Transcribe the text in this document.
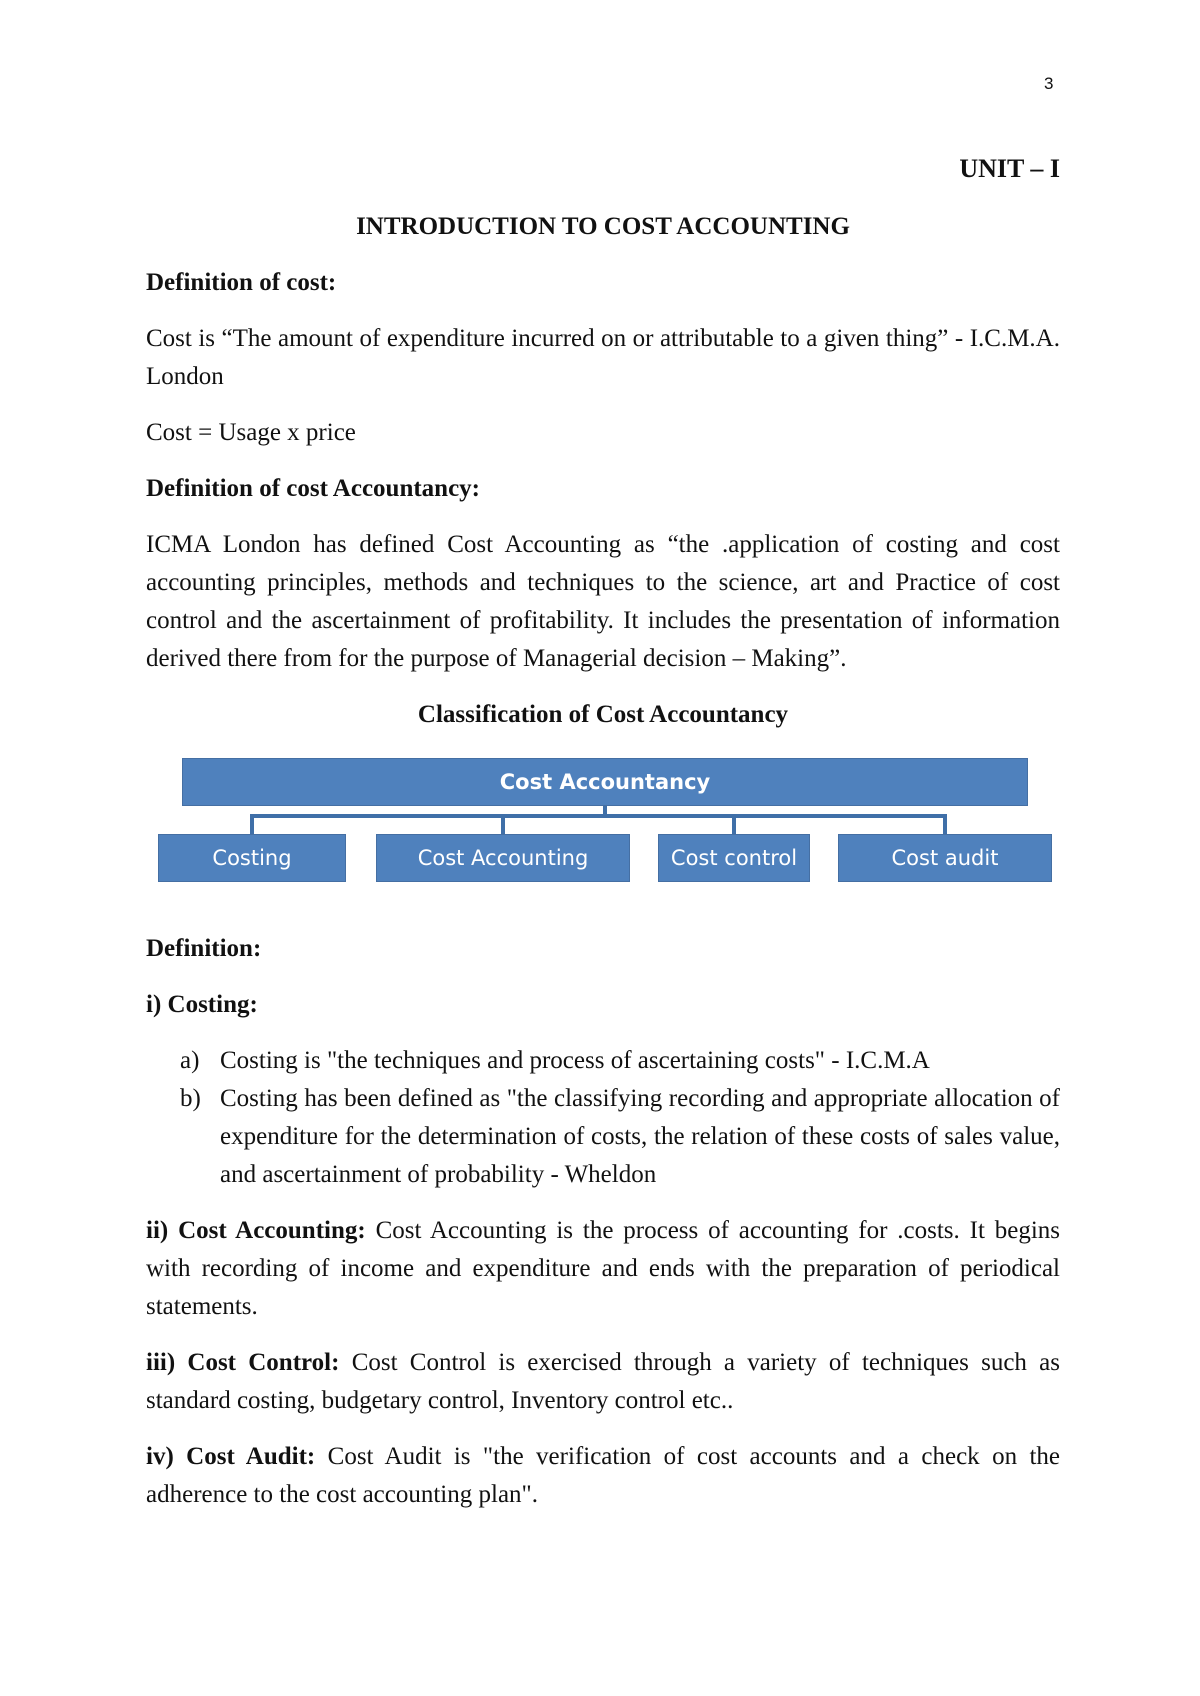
3
UNIT – I
INTRODUCTION TO COST ACCOUNTING
Definition of cost:
Cost is “The amount of expenditure incurred on or attributable to a given thing” - I.C.M.A. London
Cost = Usage x price
Definition of cost Accountancy:
ICMA London has defined Cost Accounting as “the .application of costing and cost accounting principles, methods and techniques to the science, art and Practice of cost control and the ascertainment of profitability. It includes the presentation of information derived there from for the purpose of Managerial decision – Making”.
Classification of Cost Accountancy
Cost Accountancy
Costing	Cost Accounting	Cost control	Cost audit
Definition:
i) Costing:
a) Costing is "the techniques and process of ascertaining costs" - I.C.M.A
b) Costing has been defined as "the classifying recording and appropriate allocation of expenditure for the determination of costs, the relation of these costs of sales value, and ascertainment of probability - Wheldon
ii) Cost Accounting: Cost Accounting is the process of accounting for .costs. It begins with recording of income and expenditure and ends with the preparation of periodical statements.
iii) Cost Control: Cost Control is exercised through a variety of techniques such as standard costing, budgetary control, Inventory control etc..
iv) Cost Audit: Cost Audit is "the verification of cost accounts and a check on the adherence to the cost accounting plan".
